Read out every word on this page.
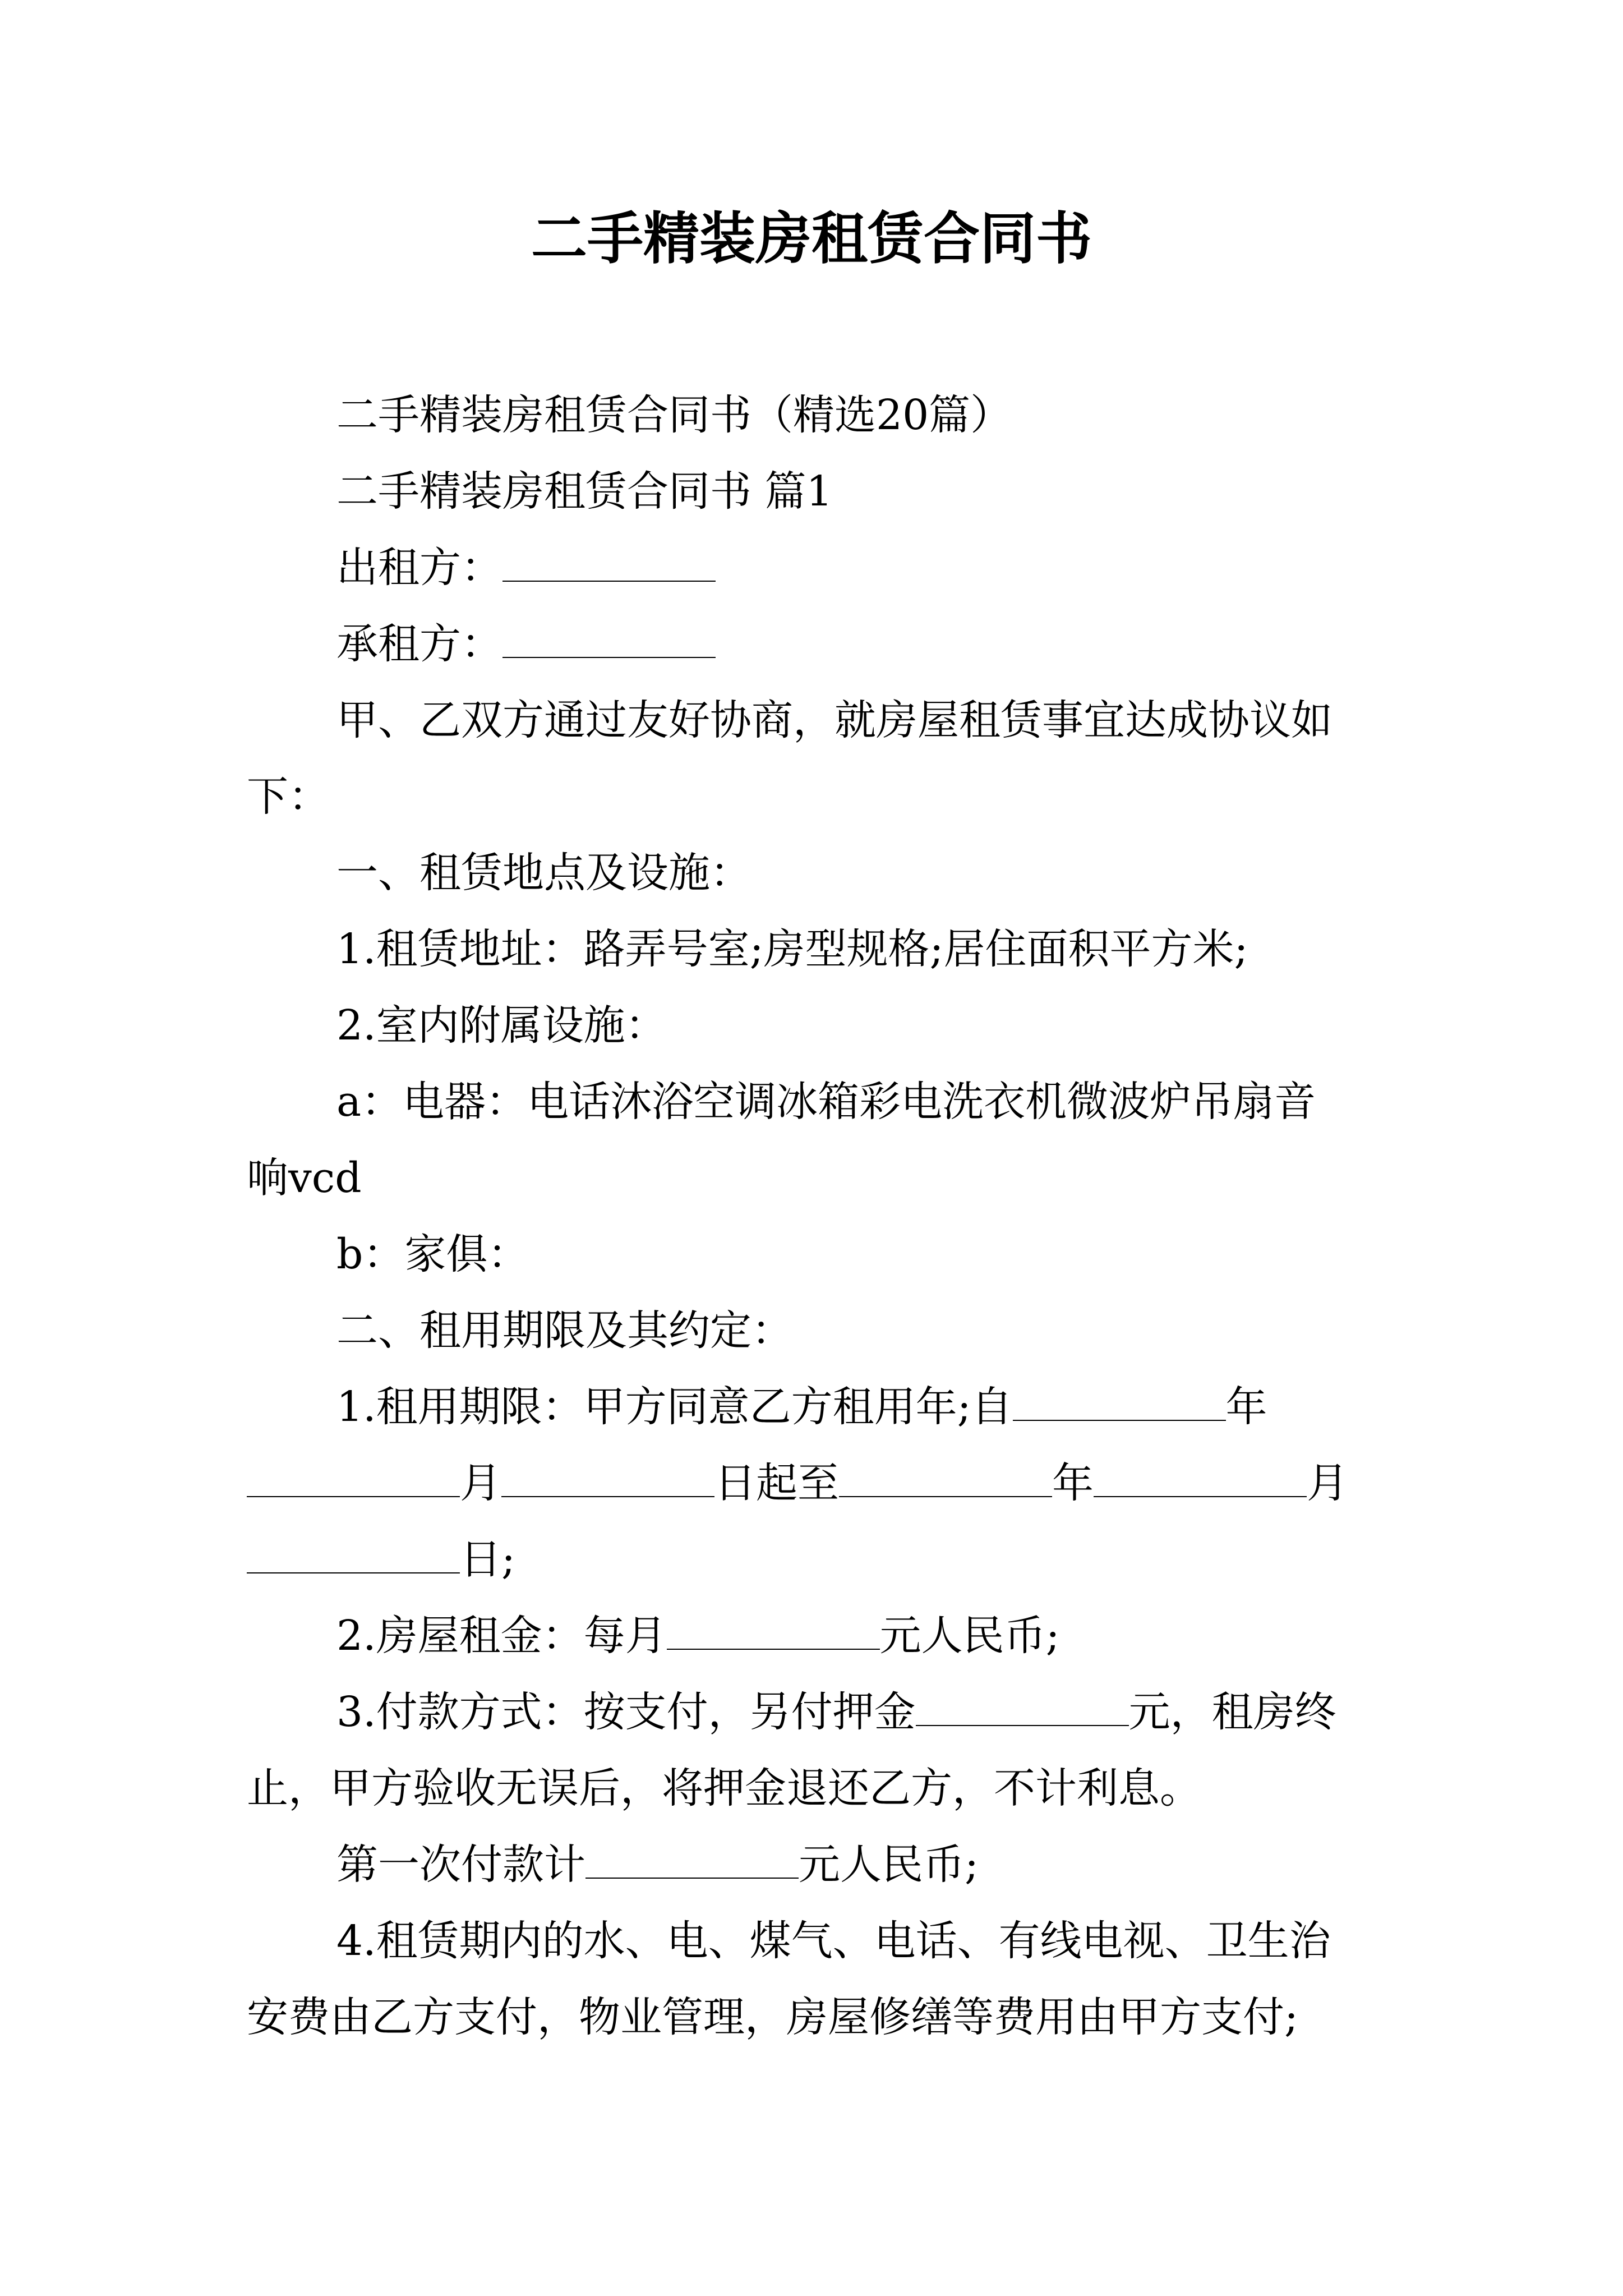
二手精装房租赁合同书
二手精装房租赁合同书（精选20篇）
二手精装房租赁合同书 篇1
出租方：
承租方：
甲、乙双方通过友好协商，就房屋租赁事宜达成协议如
下：
一、租赁地点及设施：
1.租赁地址：路弄号室;房型规格;居住面积平方米;
2.室内附属设施：
a：电器：电话沐浴空调冰箱彩电洗衣机微波炉吊扇音
响vcd
b：家俱：
二、租用期限及其约定：
1.租用期限：甲方同意乙方租用年;自	年
月	日起至	年	月
日;
2.房屋租金：每月	元人民币;
3.付款方式：按支付，另付押金	元，租房终
止，甲方验收无误后，将押金退还乙方，不计利息。
第一次付款计	元人民币;
4.租赁期内的水、电、煤气、电话、有线电视、卫生治
安费由乙方支付，物业管理，房屋修缮等费用由甲方支付;
